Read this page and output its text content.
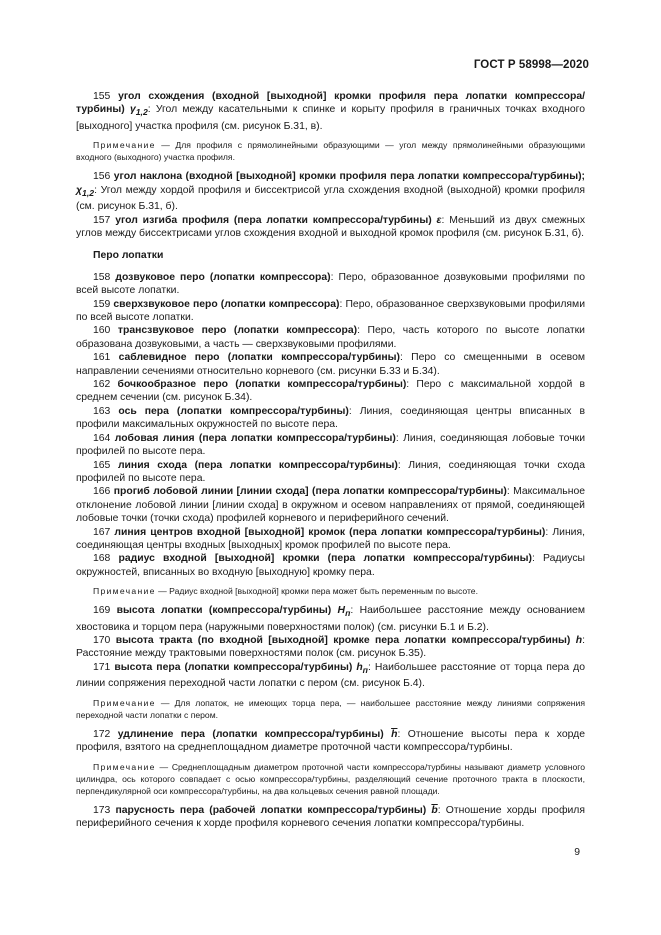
ГОСТ Р 58998—2020

155 угол схождения (входной [выходной] кромки профиля пера лопатки компрессора/турбины) $\gamma_{1,2}$: Угол между касательными к спинке и корыту профиля в граничных точках входного [выходного] участка профиля (см. рисунок Б.31, в).

Примечание — Для профиля с прямолинейными образующими — угол между прямолинейными образующими входного (выходного) участка профиля.

156 угол наклона (входной [выходной] кромки профиля пера лопатки компрессора/турбины); $\chi_{1,2}$: Угол между хордой профиля и биссектрисой угла схождения входной (выходной) кромки профиля (см. рисунок Б.31, б).

157 угол изгиба профиля (пера лопатки компрессора/турбины) ε: Меньший из двух смежных углов между биссектрисами углов схождения входной и выходной кромок профиля (см. рисунок Б.31, б).

Перо лопатки

158 дозвуковое перо (лопатки компрессора): Перо, образованное дозвуковыми профилями по всей высоте лопатки.

159 сверхзвуковое перо (лопатки компрессора): Перо, образованное сверхзвуковыми профилями по всей высоте лопатки.

160 трансзвуковое перо (лопатки компрессора): Перо, часть которого по высоте лопатки образована дозвуковыми, а часть — сверхзвуковыми профилями.

161 саблевидное перо (лопатки компрессора/турбины): Перо со смещенными в осевом направлении сечениями относительно корневого (см. рисунки Б.33 и Б.34).

162 бочкообразное перо (лопатки компрессора/турбины): Перо с максимальной хордой в среднем сечении (см. рисунок Б.34).

163 ось пера (лопатки компрессора/турбины): Линия, соединяющая центры вписанных в профили максимальных окружностей по высоте пера.

164 лобовая линия (пера лопатки компрессора/турбины): Линия, соединяющая лобовые точки профилей по высоте пера.

165 линия схода (пера лопатки компрессора/турбины): Линия, соединяющая точки схода профилей по высоте пера.

166 прогиб лобовой линии [линии схода] (пера лопатки компрессора/турбины): Максимальное отклонение лобовой линии [линии схода] в окружном и осевом направлениях от прямой, соединяющей лобовые точки (точки схода) профилей корневого и периферийного сечений.

167 линия центров входной [выходной] кромок (пера лопатки компрессора/турбины): Линия, соединяющая центры входных [выходных] кромок профилей по высоте пера.

168 радиус входной [выходной] кромки (пера лопатки компрессора/турбины): Радиусы окружностей, вписанных во входную [выходную] кромку пера.

Примечание — Радиус входной [выходной] кромки пера может быть переменным по высоте.

169 высота лопатки (компрессора/турбины) $H_п$: Наибольшее расстояние между основанием хвостовика и торцом пера (наружными поверхностями полок) (см. рисунки Б.1 и Б.2).

170 высота тракта (по входной [выходной] кромке пера лопатки компрессора/турбины) h: Расстояние между трактовыми поверхностями полок (см. рисунок Б.35).

171 высота пера (лопатки компрессора/турбины) $h_п$: Наибольшее расстояние от торца пера до линии сопряжения переходной части лопатки с пером (см. рисунок Б.4).

Примечание — Для лопаток, не имеющих торца пера, — наибольшее расстояние между линиями сопряжения переходной части лопатки с пером.

172 удлинение пера (лопатки компрессора/турбины) $\overline{h}$: Отношение высоты пера к хорде профиля, взятого на среднеплощадном диаметре проточной части компрессора/турбины.

Примечание — Среднеплощадным диаметром проточной части компрессора/турбины называют диаметр условного цилиндра, ось которого совпадает с осью компрессора/турбины, разделяющий сечение проточного тракта в плоскости, перпендикулярной оси компрессора/турбины, на два кольцевых сечения равной площади.

173 парусность пера (рабочей лопатки компрессора/турбины) $\overline{b}$: Отношение хорды профиля периферийного сечения к хорде профиля корневого сечения лопатки компрессора/турбины.

9
